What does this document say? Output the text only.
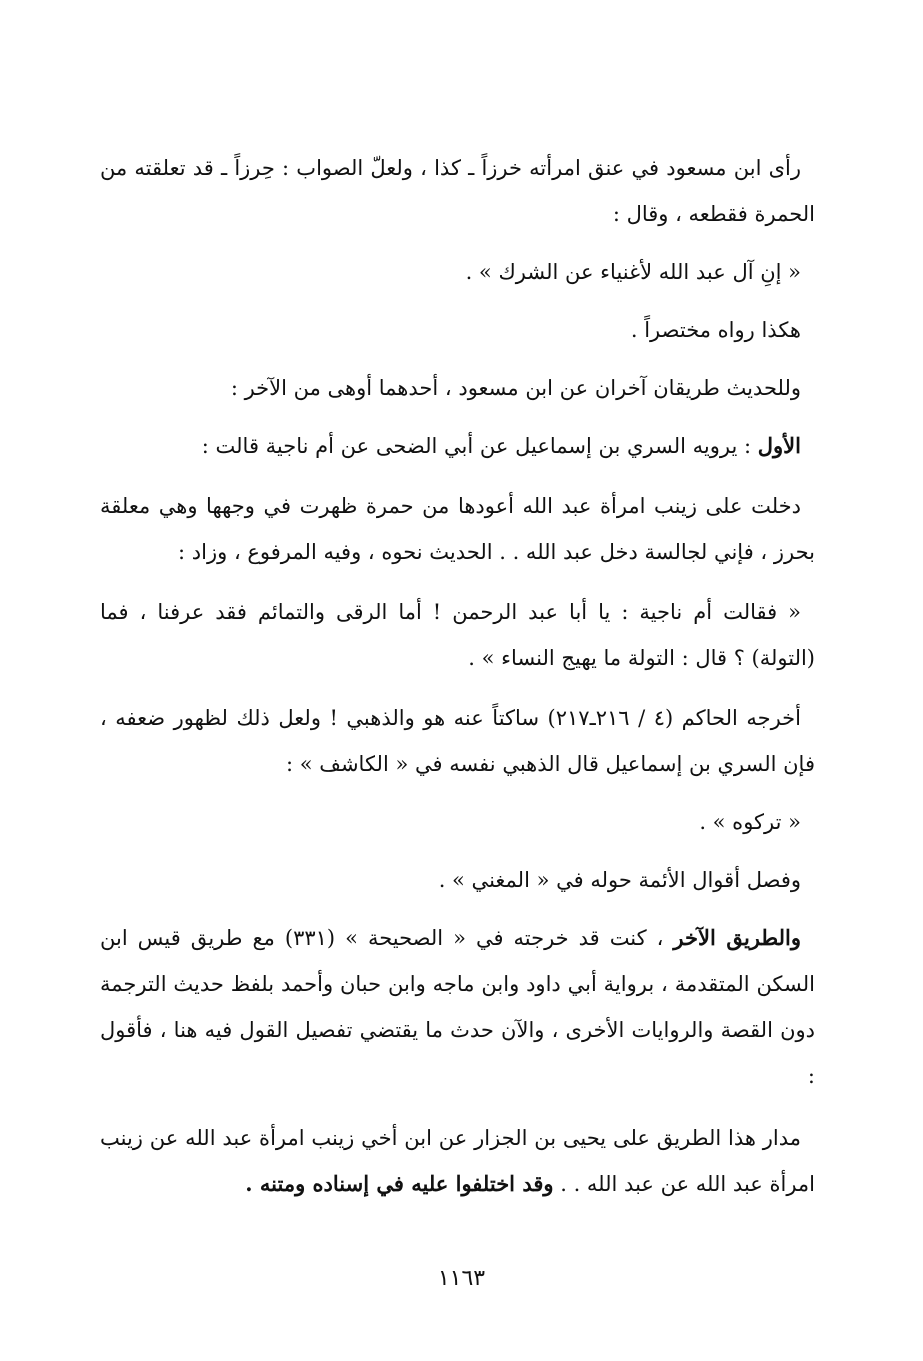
رأى ابن مسعود في عنق امرأته خرزاً ـ كذا ، ولعلّ الصواب : حِرزاً ـ قد تعلقته من الحمرة فقطعه ، وقال :

« إنِ آل عبد الله لأغنياء عن الشرك » .

هكذا رواه مختصراً .

وللحديث طريقان آخران عن ابن مسعود ، أحدهما أوهى من الآخر :

الأول : يرويه السري بن إسماعيل عن أبي الضحى عن أم ناجية قالت :

دخلت على زينب امرأة عبد الله أعودها من حمرة ظهرت في وجهها وهي معلقة بحرز ، فإني لجالسة دخل عبد الله . . الحديث نحوه ، وفيه المرفوع ، وزاد :

« فقالت أم ناجية : يا أبا عبد الرحمن ! أما الرقى والتمائم فقد عرفنا ، فما (التولة) ؟ قال : التولة ما يهيج النساء » .

أخرجه الحاكم (٤ / ٢١٦ـ٢١٧) ساكتاً عنه هو والذهبي ! ولعل ذلك لظهور ضعفه ، فإن السري بن إسماعيل قال الذهبي نفسه في « الكاشف » :

« تركوه » .

وفصل أقوال الأئمة حوله في « المغني » .

والطريق الآخر ، كنت قد خرجته في « الصحيحة » (٣٣١) مع طريق قيس ابن السكن المتقدمة ، برواية أبي داود وابن ماجه وابن حبان وأحمد بلفظ حديث الترجمة دون القصة والروايات الأخرى ، والآن حدث ما يقتضي تفصيل القول فيه هنا ، فأقول :

مدار هذا الطريق على يحيى بن الجزار عن ابن أخي زينب امرأة عبد الله عن زينب امرأة عبد الله عن عبد الله . . وقد اختلفوا عليه في إسناده ومتنه .

١١٦٣
